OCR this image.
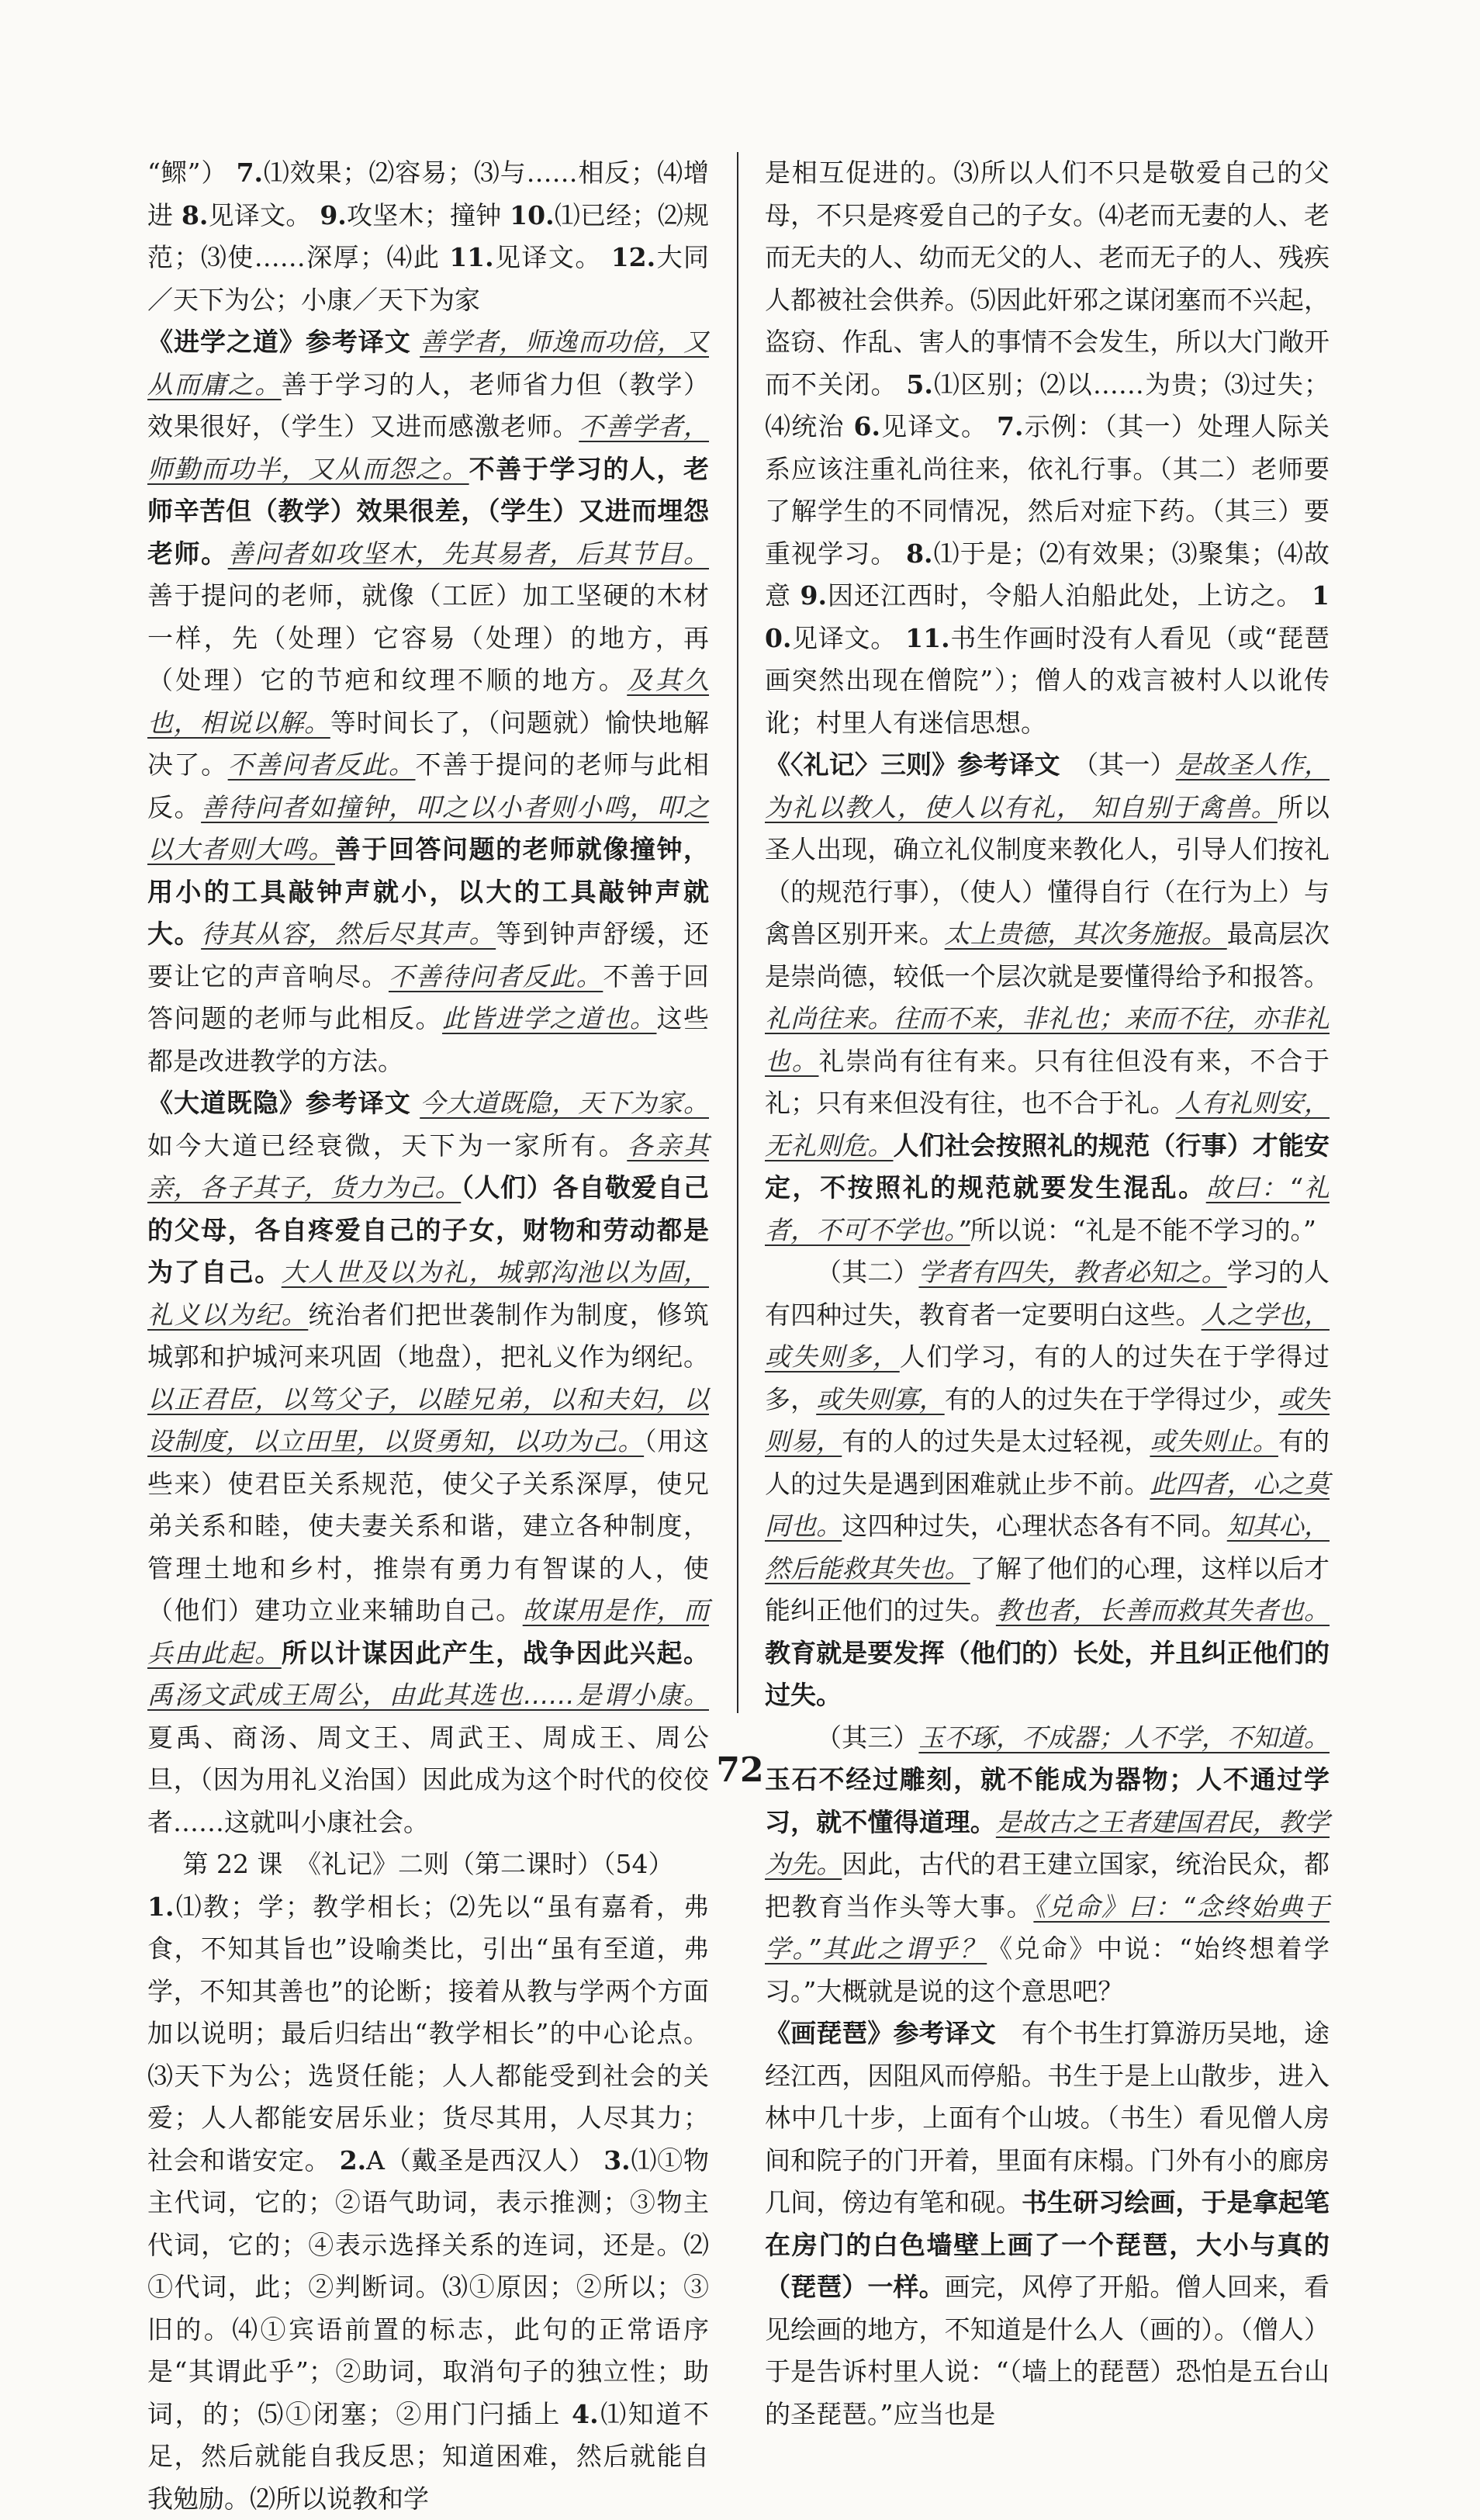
“鳏”） 7.⑴效果；⑵容易；⑶与……相反；⑷增进 8.见译文。 9.攻坚木；撞钟 10.⑴已经；⑵规范；⑶使……深厚；⑷此 11.见译文。 12.大同／天下为公；小康／天下为家

《进学之道》参考译文 善学者，师逸而功倍，又从而庸之。善于学习的人，老师省力但（教学）效果很好，（学生）又进而感激老师。不善学者，师勤而功半，又从而怨之。不善于学习的人，老师辛苦但（教学）效果很差，（学生）又进而埋怨老师。善问者如攻坚木，先其易者，后其节目。善于提问的老师，就像（工匠）加工坚硬的木材一样，先（处理）它容易（处理）的地方，再（处理）它的节疤和纹理不顺的地方。及其久也，相说以解。等时间长了，（问题就）愉快地解决了。不善问者反此。不善于提问的老师与此相反。善待问者如撞钟，叩之以小者则小鸣，叩之以大者则大鸣。善于回答问题的老师就像撞钟，用小的工具敲钟声就小，以大的工具敲钟声就大。待其从容，然后尽其声。等到钟声舒缓，还要让它的声音响尽。不善待问者反此。不善于回答问题的老师与此相反。此皆进学之道也。这些都是改进教学的方法。

《大道既隐》参考译文 今大道既隐，天下为家。如今大道已经衰微，天下为一家所有。各亲其亲，各子其子，货力为己。（人们）各自敬爱自己的父母，各自疼爱自己的子女，财物和劳动都是为了自己。大人世及以为礼，城郭沟池以为固，礼义以为纪。统治者们把世袭制作为制度，修筑城郭和护城河来巩固（地盘），把礼义作为纲纪。以正君臣，以笃父子，以睦兄弟，以和夫妇，以设制度，以立田里，以贤勇知，以功为己。（用这些来）使君臣关系规范，使父子关系深厚，使兄弟关系和睦，使夫妻关系和谐，建立各种制度，管理土地和乡村，推崇有勇力有智谋的人，使（他们）建功立业来辅助自己。故谋用是作，而兵由此起。所以计谋因此产生，战争因此兴起。禹汤文武成王周公，由此其选也……是谓小康。夏禹、商汤、周文王、周武王、周成王、周公旦，（因为用礼义治国）因此成为这个时代的佼佼者……这就叫小康社会。

第 22 课　《礼记》二则（第二课时）（54）

1.⑴教；学；教学相长；⑵先以“虽有嘉肴，弗食，不知其旨也”设喻类比，引出“虽有至道，弗学，不知其善也”的论断；接着从教与学两个方面加以说明；最后归结出“教学相长”的中心论点。⑶天下为公；选贤任能；人人都能受到社会的关爱；人人都能安居乐业；货尽其用，人尽其力；社会和谐安定。 2.A（戴圣是西汉人） 3.⑴①物主代词，它的；②语气助词，表示推测；③物主代词，它的；④表示选择关系的连词，还是。⑵①代词，此；②判断词。⑶①原因；②所以；③旧的。⑷①宾语前置的标志，此句的正常语序是“其谓此乎”；②助词，取消句子的独立性；助词，的；⑸①闭塞；②用门闩插上 4.⑴知道不足，然后就能自我反思；知道困难，然后就能自我勉励。⑵所以说教和学

是相互促进的。⑶所以人们不只是敬爱自己的父母，不只是疼爱自己的子女。⑷老而无妻的人、老而无夫的人、幼而无父的人、老而无子的人、残疾人都被社会供养。⑸因此奸邪之谋闭塞而不兴起，盗窃、作乱、害人的事情不会发生，所以大门敞开而不关闭。 5.⑴区别；⑵以……为贵；⑶过失；⑷统治 6.见译文。 7.示例：（其一）处理人际关系应该注重礼尚往来，依礼行事。（其二）老师要了解学生的不同情况，然后对症下药。（其三）要重视学习。 8.⑴于是；⑵有效果；⑶聚集；⑷故意 9.因还江西时，令船人泊船此处，上访之。 10.见译文。 11.书生作画时没有人看见（或“琵琶画突然出现在僧院”）；僧人的戏言被村人以讹传讹；村里人有迷信思想。

《〈礼记〉三则》参考译文　（其一）是故圣人作，为礼以教人，使人以有礼， 知自别于禽兽。所以圣人出现，确立礼仪制度来教化人，引导人们按礼（的规范行事），（使人）懂得自行（在行为上）与禽兽区别开来。太上贵德，其次务施报。最高层次是崇尚德，较低一个层次就是要懂得给予和报答。礼尚往来。往而不来，非礼也；来而不往，亦非礼也。礼崇尚有往有来。只有往但没有来，不合于礼；只有来但没有往，也不合于礼。人有礼则安，无礼则危。人们社会按照礼的规范（行事）才能安定，不按照礼的规范就要发生混乱。故曰：“礼者，不可不学也。”所以说：“礼是不能不学习的。”

（其二）学者有四失，教者必知之。学习的人有四种过失，教育者一定要明白这些。人之学也，或失则多，人们学习，有的人的过失在于学得过多，或失则寡，有的人的过失在于学得过少，或失则易，有的人的过失是太过轻视，或失则止。有的人的过失是遇到困难就止步不前。此四者，心之莫同也。这四种过失，心理状态各有不同。知其心，然后能救其失也。了解了他们的心理，这样以后才能纠正他们的过失。教也者，长善而救其失者也。教育就是要发挥（他们的）长处，并且纠正他们的过失。

（其三）玉不琢，不成器；人不学，不知道。玉石不经过雕刻，就不能成为器物；人不通过学习，就不懂得道理。是故古之王者建国君民，教学为先。因此，古代的君王建立国家，统治民众，都把教育当作头等大事。《兑命》曰：“念终始典于学。”其此之谓乎？《兑命》中说：“始终想着学习。”大概就是说的这个意思吧？

《画琵琶》参考译文　有个书生打算游历吴地，途经江西，因阻风而停船。书生于是上山散步，进入林中几十步，上面有个山坡。（书生）看见僧人房间和院子的门开着，里面有床榻。门外有小的廊房几间，傍边有笔和砚。书生研习绘画，于是拿起笔在房门的白色墙壁上画了一个琵琶，大小与真的（琵琶）一样。画完，风停了开船。僧人回来，看见绘画的地方，不知道是什么人（画的）。（僧人）于是告诉村里人说：“（墙上的琵琶）恐怕是五台山的圣琵琶。”应当也是

72
